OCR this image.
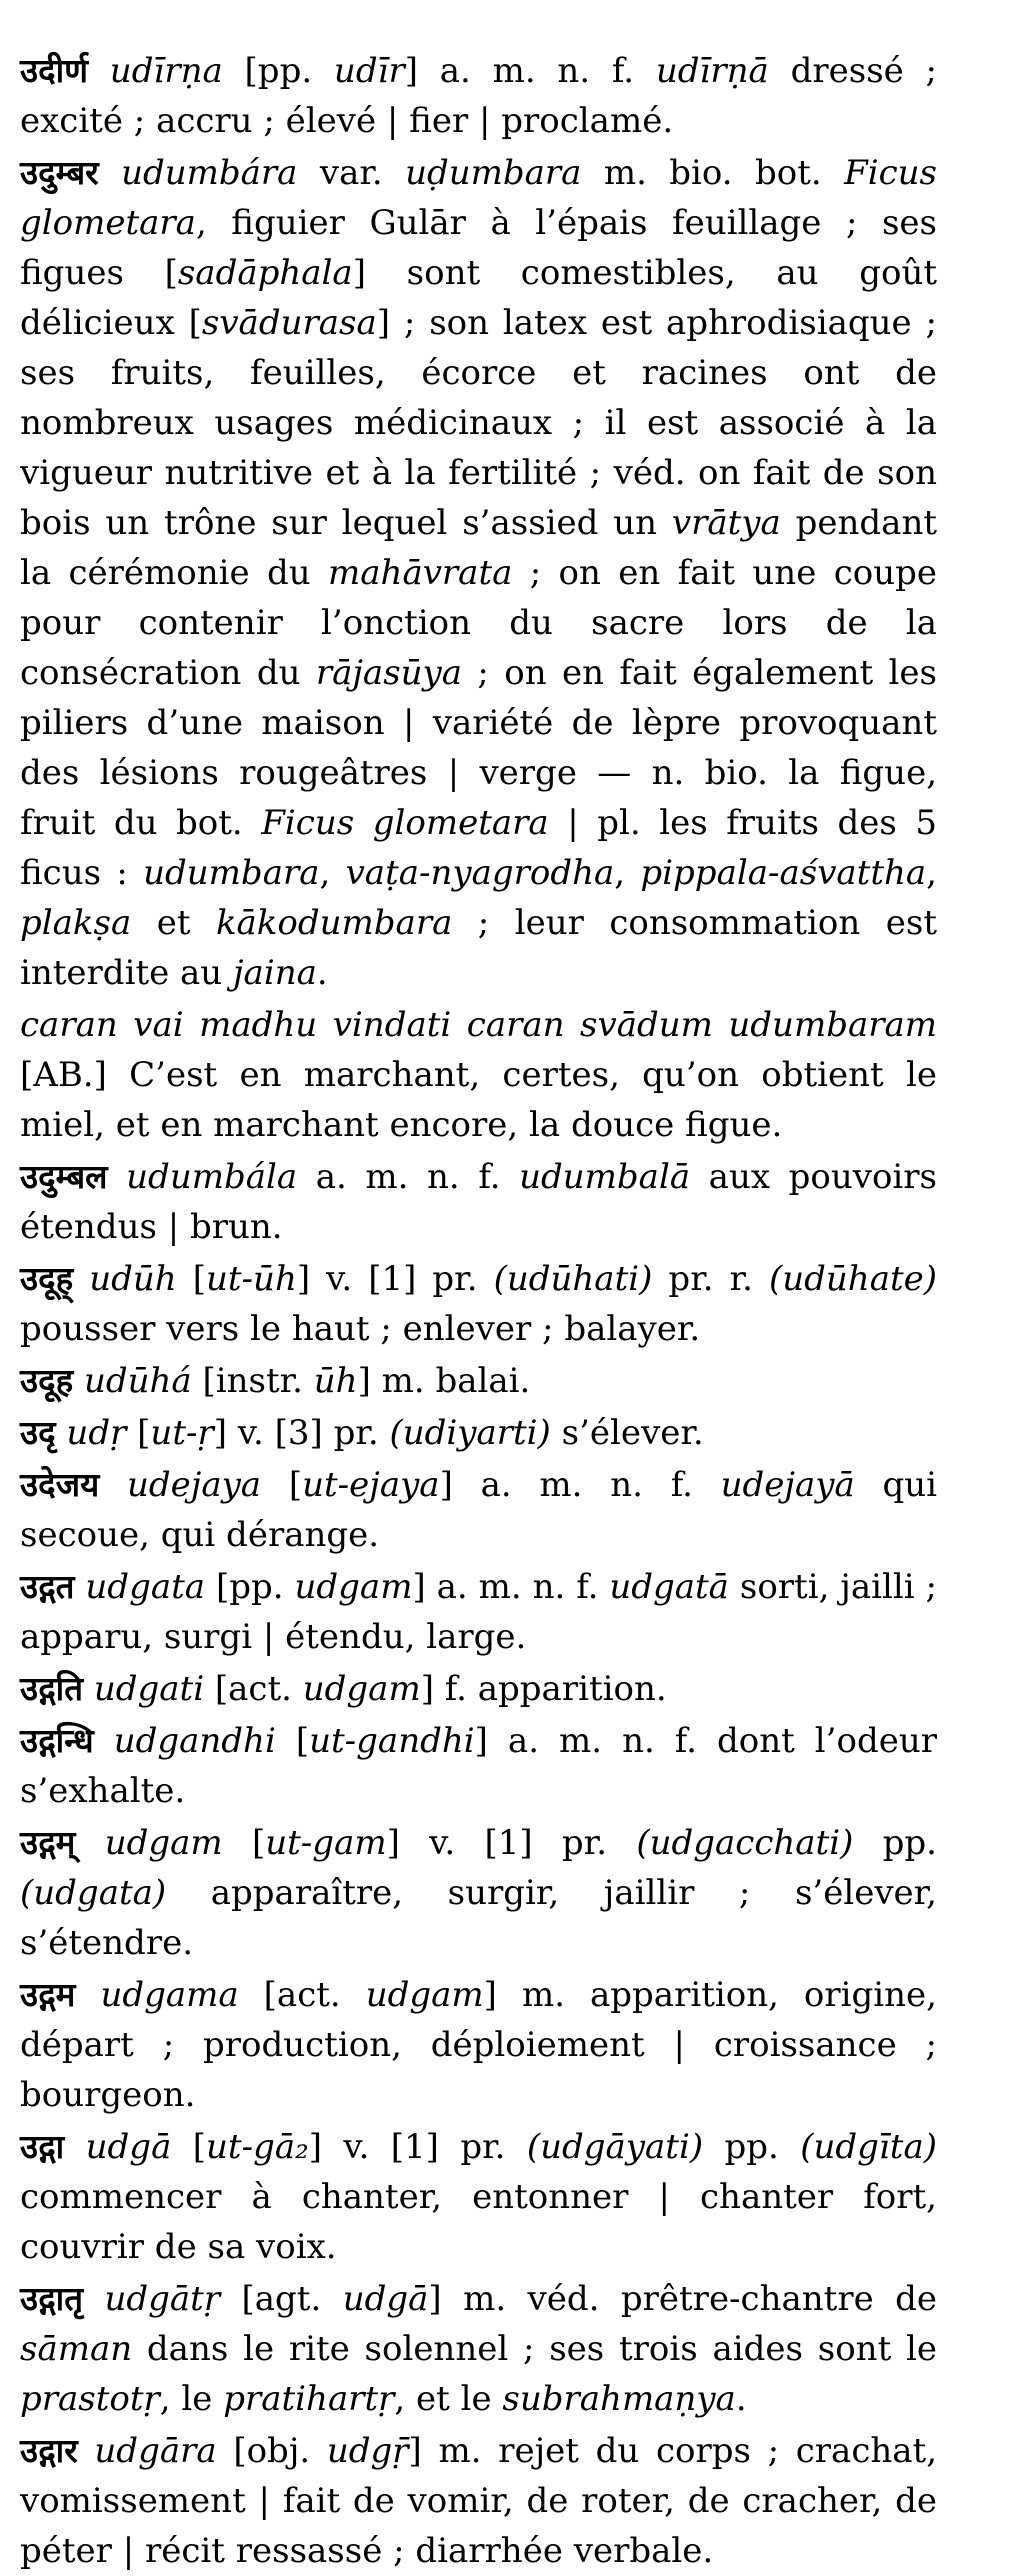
उदीर्ण udīrṇa [pp. udīr] a. m. n. f. udīrṇā dressé ; excité ; accru ; élevé | fier | proclamé.
उदुम्बर udumbára var. uḍumbara m. bio. bot. Ficus glometara, figuier Gulār à l’épais feuillage ; ses figues [sadāphala] sont comestibles, au goût délicieux [svādurasa] ; son latex est aphrodisiaque ; ses fruits, feuilles, écorce et racines ont de nombreux usages médicinaux ; il est associé à la vigueur nutritive et à la fertilité ; véd. on fait de son bois un trône sur lequel s’assied un vrātya pendant la cérémonie du mahāvrata ; on en fait une coupe pour contenir l’onction du sacre lors de la consécration du rājasūya ; on en fait également les piliers d’une maison | variété de lèpre provoquant des lésions rougeâtres | verge — n. bio. la figue, fruit du bot. Ficus glometara | pl. les fruits des 5 ficus : udumbara, vaṭa-nyagrodha, pippala-aśvattha, plakṣa et kākodumbara ; leur consommation est interdite au jaina.
caran vai madhu vindati caran svādum udumbaram [AB.] C’est en marchant, certes, qu’on obtient le miel, et en marchant encore, la douce figue.
उदुम्बल udumbála a. m. n. f. udumbalā aux pouvoirs étendus | brun.
उदूह् udūh [ut-ūh] v. [1] pr. (udūhati) pr. r. (udūhate) pousser vers le haut ; enlever ; balayer.
उदूह udūhá [instr. ūh] m. balai.
उदृ udṛ [ut-ṛ] v. [3] pr. (udiyarti) s’élever.
उदेजय udejaya [ut-ejaya] a. m. n. f. udejayā qui secoue, qui dérange.
उद्गत udgata [pp. udgam] a. m. n. f. udgatā sorti, jailli ; apparu, surgi | étendu, large.
उद्गति udgati [act. udgam] f. apparition.
उद्गन्धि udgandhi [ut-gandhi] a. m. n. f. dont l’odeur s’exhalte.
उद्गम् udgam [ut-gam] v. [1] pr. (udgacchati) pp. (udgata) apparaître, surgir, jaillir ; s’élever, s’étendre.
उद्गम udgama [act. udgam] m. apparition, origine, départ ; production, déploiement | croissance ; bourgeon.
उद्गा udgā [ut-gā₂] v. [1] pr. (udgāyati) pp. (udgīta) commencer à chanter, entonner | chanter fort, couvrir de sa voix.
उद्गातृ udgātṛ [agt. udgā] m. véd. prêtre-chantre de sāman dans le rite solennel ; ses trois aides sont le prastotṛ, le pratihartṛ, et le subrahmaṇya.
उद्गार udgāra [obj. udgṝ] m. rejet du corps ; crachat, vomissement | fait de vomir, de roter, de cracher, de péter | récit ressassé ; diarrhée verbale.
